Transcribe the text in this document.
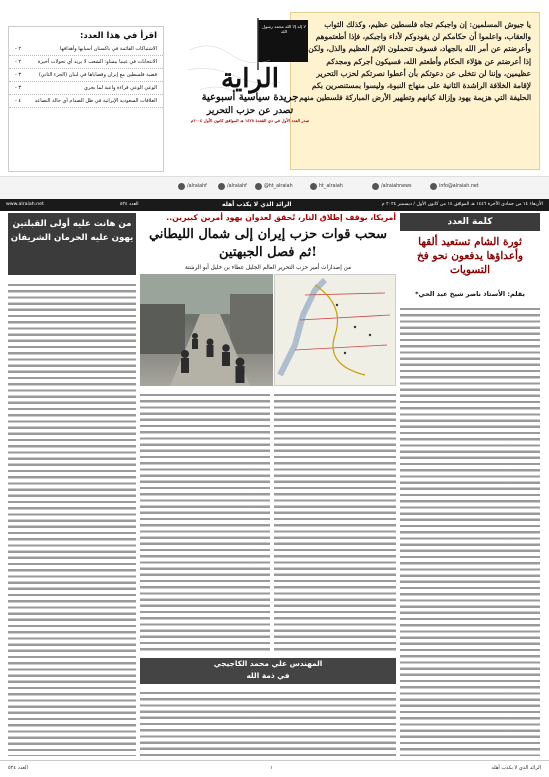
يا جيوش المسلمين: إن واجبكم تجاه فلسطين عظيم، وكذلك الثواب والعقاب، واعلموا أن حكامكم لن يقودوكم لأداء واجبكم، فإذا أطعتموهم وأعرضتم عن أمر الله بالجهاد، فسوف تتحملون الإثم العظيم والذل، ولكن إذا أعرضتم عن هؤلاء الحكام وأطعتم الله، فسيكون أجركم ومجدكم عظيمين، وإننا لن نتخلى عن دعوتكم بأن أعطوا نصرتكم لحزب التحرير لإقامة الخلافة الراشدة الثانية على منهاج النبوة، وليسوا بمستنصرين بكم الحليفة التي هزيمة يهود وإزالة كيانهم وتطهير الأرض المباركة فلسطين منهم

لا إله إلا الله محمد رسول الله
الراية
جريدة سياسية أسبوعية
تصدر عن حزب التحرير
صدر العدد الأول في ذي القعدة ١٤٢٥ هـ الموافق كانون الأول ٢٠٠٤م
اقرأ في هذا العدد:
الاشتباكات القائمة في باكستان أسبابها وأهدافها
- ٢
الانتخابات في غينيا بيساو: الشعب لا يريد أي تحولات أخيرة
- ٢
قضية فلسطين مع إيران وقضاياها في لبنان (الجزء الثاني)
- ٣
الوعي الوعي قراءة واعية لما يجري
- ٣
العلاقات السعودية الإيرانية في ظل الصدام أي حالة التصاعد
- ٤
info@alraiah.net
/alraiahnews
ht_alraiah
@ht_alraiah
/alraiahf
/alraiahf
الأربعاء ١٤ من جمادى الآخرة ١٤٤٦ هـ الموافق ١٤ من كانون الأول / ديسمبر ٢٠٢٤ م
الرائد الذي لا يكذب أهله
www.alraiah.net	العدد ٥٢٤
من هانت عليه أولى القبلتين يهون عليه الحرمان الشريفان
أمريكا، بوقف إطلاق النار، تُحقق لعدوان يهود أمرين كبيرين..
سحب قوات حزب إيران إلى شمال الليطاني
ثم فصل الجبهتين!
من إصدارات أمير حزب التحرير العالم الجليل عطاء بن خليل أبو الرشتة
المهندس علي محمد الكاجيجي
في ذمة الله
كلمة العدد
ثورة الشام تستعيد ألقها وأعداؤها يدفعون نحو فخ التسويات
بقلم: الأستاذ ناصر شيخ عبد الحي*
العدد ٥٢٤	١	الرائد الذي لا يكذب أهله
